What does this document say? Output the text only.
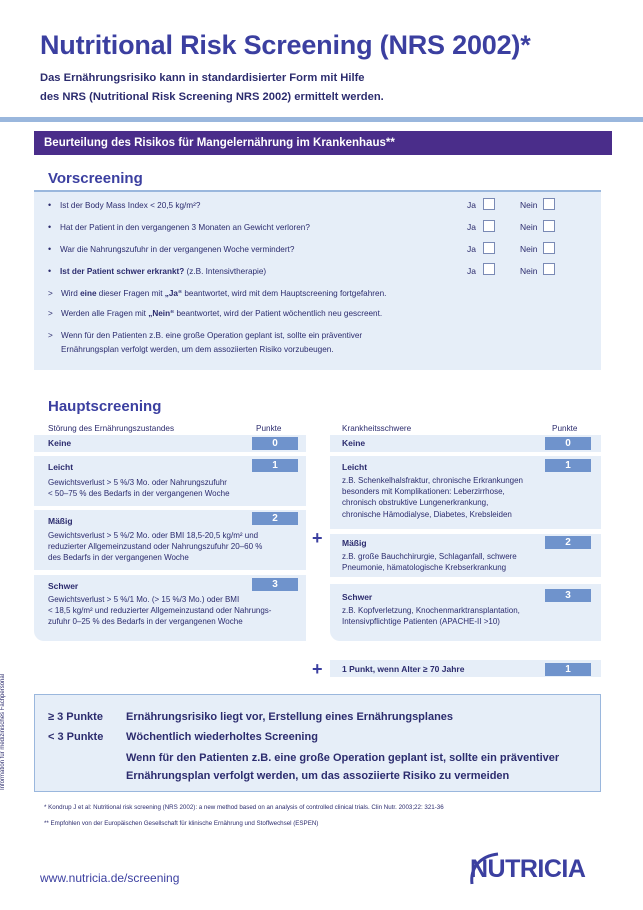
Nutritional Risk Screening (NRS 2002)*
Das Ernährungsrisiko kann in standardisierter Form mit Hilfe
des NRS (Nutritional Risk Screening NRS 2002) ermittelt werden.
Beurteilung des Risikos für Mangelernährung im Krankenhaus**
Vorscreening
• Ist der Body Mass Index < 20,5 kg/m²?	Ja	Nein
• Hat der Patient in den vergangenen 3 Monaten an Gewicht verloren?	Ja	Nein
• War die Nahrungszufuhr in der vergangenen Woche vermindert?	Ja	Nein
• Ist der Patient schwer erkrankt? (z.B. Intensivtherapie)	Ja	Nein
> Wird eine dieser Fragen mit „Ja“ beantwortet, wird mit dem Hauptscreening fortgefahren.
> Werden alle Fragen mit „Nein“ beantwortet, wird der Patient wöchentlich neu gescreent.
> Wenn für den Patienten z.B. eine große Operation geplant ist, sollte ein präventiver
Ernährungsplan verfolgt werden, um dem assoziierten Risiko vorzubeugen.
Hauptscreening
Störung des Ernährungszustandes	Punkte
Keine	0
Leicht	1
Gewichtsverlust > 5 %/3 Mo. oder Nahrungszufuhr
< 50–75 % des Bedarfs in der vergangenen Woche
Mäßig	2
Gewichtsverlust > 5 %/2 Mo. oder BMI 18,5-20,5 kg/m² und
reduzierter Allgemeinzustand oder Nahrungszufuhr 20–60 %
des Bedarfs in der vergangenen Woche
Schwer	3
Gewichtsverlust > 5 %/1 Mo. (> 15 %/3 Mo.) oder BMI
< 18,5 kg/m² und reduzierter Allgemeinzustand oder Nahrungs-
zufuhr 0–25 % des Bedarfs in der vergangenen Woche
+
Krankheitsschwere	Punkte
Keine	0
Leicht	1
z.B. Schenkelhalsfraktur, chronische Erkrankungen
besonders mit Komplikationen: Leberzirrhose,
chronisch obstruktive Lungenerkrankung,
chronische Hämodialyse, Diabetes, Krebsleiden
Mäßig	2
z.B. große Bauchchirurgie, Schlaganfall, schwere
Pneumonie, hämatologische Krebserkrankung
Schwer	3
z.B. Kopfverletzung, Knochenmarktransplantation,
Intensivpflichtige Patienten (APACHE-II >10)
+ 1 Punkt, wenn Alter ≥ 70 Jahre	1
Information für medizinisches Fachpersonal	≥ 3 Punkte Ernährungsrisiko liegt vor, Erstellung eines Ernährungsplanes
< 3 Punkte Wöchentlich wiederholtes Screening
Wenn für den Patienten z.B. eine große Operation geplant ist, sollte ein präventiver
Ernährungsplan verfolgt werden, um das assoziierte Risiko zu vermeiden
* Kondrup J et al: Nutritional risk screening (NRS 2002): a new method based on an analysis of controlled clinical trials. Clin Nutr. 2003;22: 321-36
** Empfohlen von der Europäischen Gesellschaft für klinische Ernährung und Stoffwechsel (ESPEN)
www.nutricia.de/screening	NUTRICIA
